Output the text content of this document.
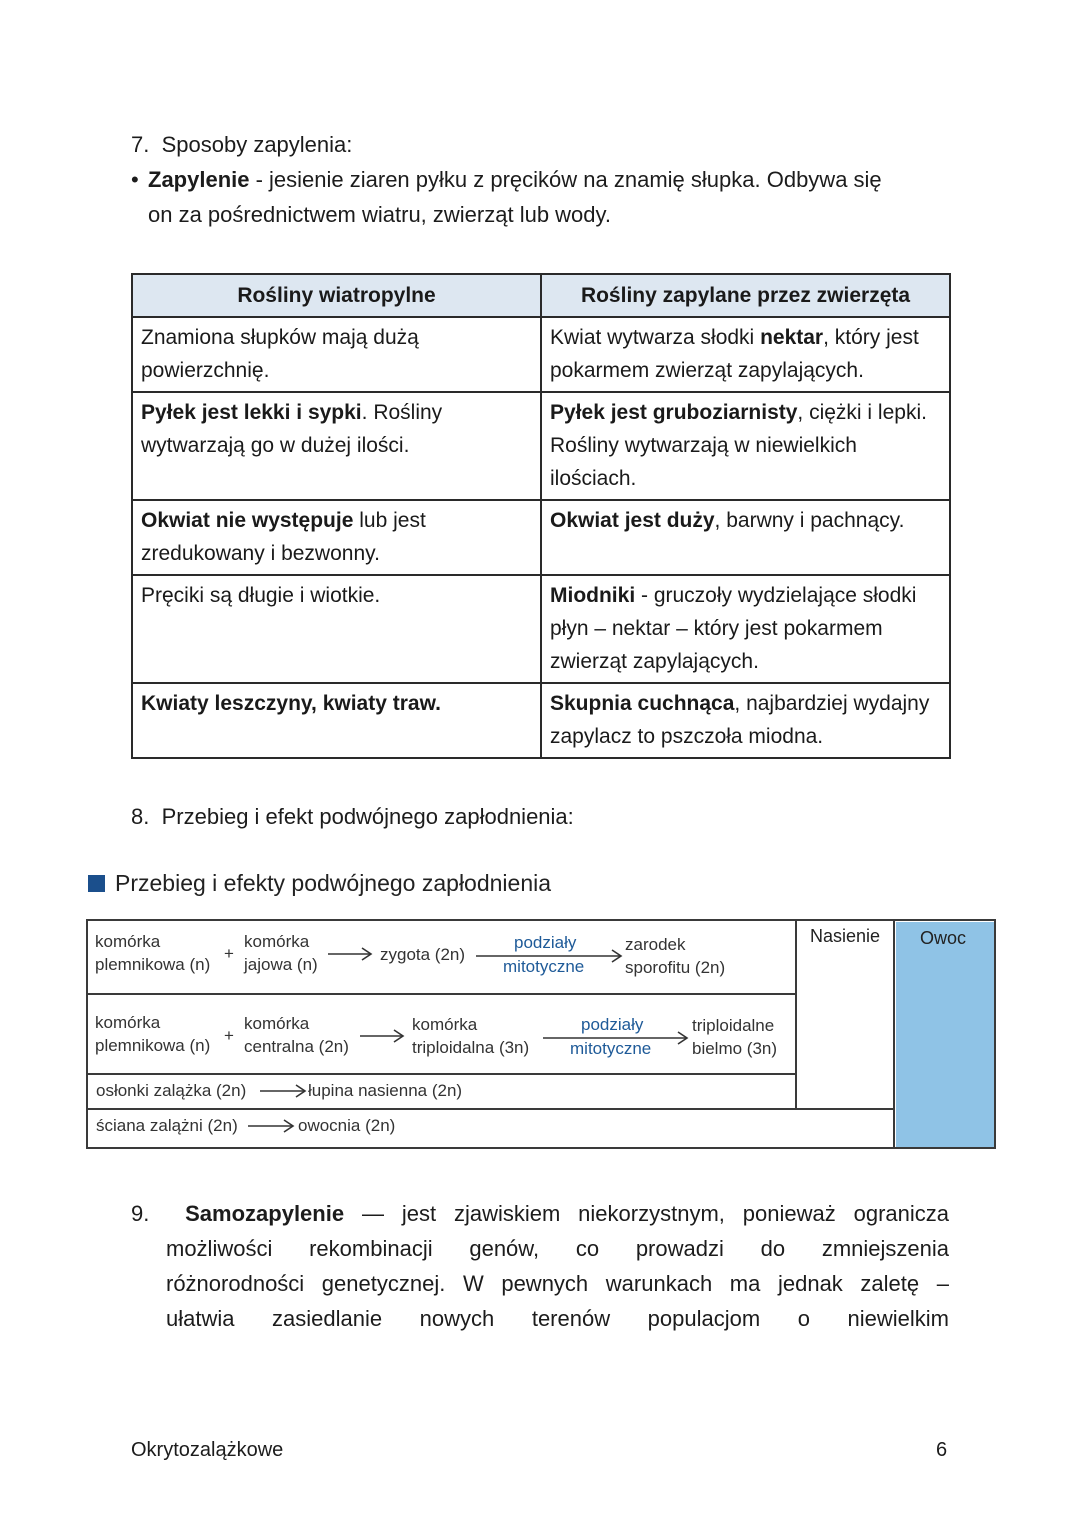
7. Sposoby zapylenia:
• Zapylenie - jesienie ziaren pyłku z pręcików na znamię słupka. Odbywa się
on za pośrednictwem wiatru, zwierząt lub wody.
Rośliny wiatropylne	Rośliny zapylane przez zwierzęta
Znamiona słupków mają dużą powierzchnię.	Kwiat wytwarza słodki nektar, który jest pokarmem zwierząt zapylających.
Pyłek jest lekki i sypki. Rośliny wytwarzają go w dużej ilości.	Pyłek jest gruboziarnisty, ciężki i lepki. Rośliny wytwarzają w niewielkich ilościach.
Okwiat nie występuje lub jest zredukowany i bezwonny.	Okwiat jest duży, barwny i pachnący.
Pręciki są długie i wiotkie.	Miodniki - gruczoły wydzielające słodki płyn – nektar – który jest pokarmem zwierząt zapylających.
Kwiaty leszczyny, kwiaty traw.	Skupnia cuchnąca, najbardziej wydajny zapylacz to pszczoła miodna.
8. Przebieg i efekt podwójnego zapłodnienia:
Przebieg i efekty podwójnego zapłodnienia
Nasienie Owoc
komórka
plemnikowa (n)
+
komórka
jajowa (n)
zygota (2n)
podziały
mitotyczne
zarodek
sporofitu (2n)
komórka
plemnikowa (n)
+
komórka
centralna (2n)
komórka
triploidalna (3n)
podziały
mitotyczne
triploidalne
bielmo (3n)
osłonki zalążka (2n)	łupina nasienna (2n)
ściana zalążni (2n)	owocnia (2n)
9. Samozapylenie — jest zjawiskiem niekorzystnym, ponieważ ogranicza
możliwości rekombinacji genów, co prowadzi do zmniejszenia
różnorodności genetycznej. W pewnych warunkach ma jednak zaletę –
ułatwia zasiedlanie nowych terenów populacjom o niewielkim
Okrytozalążkowe	6
